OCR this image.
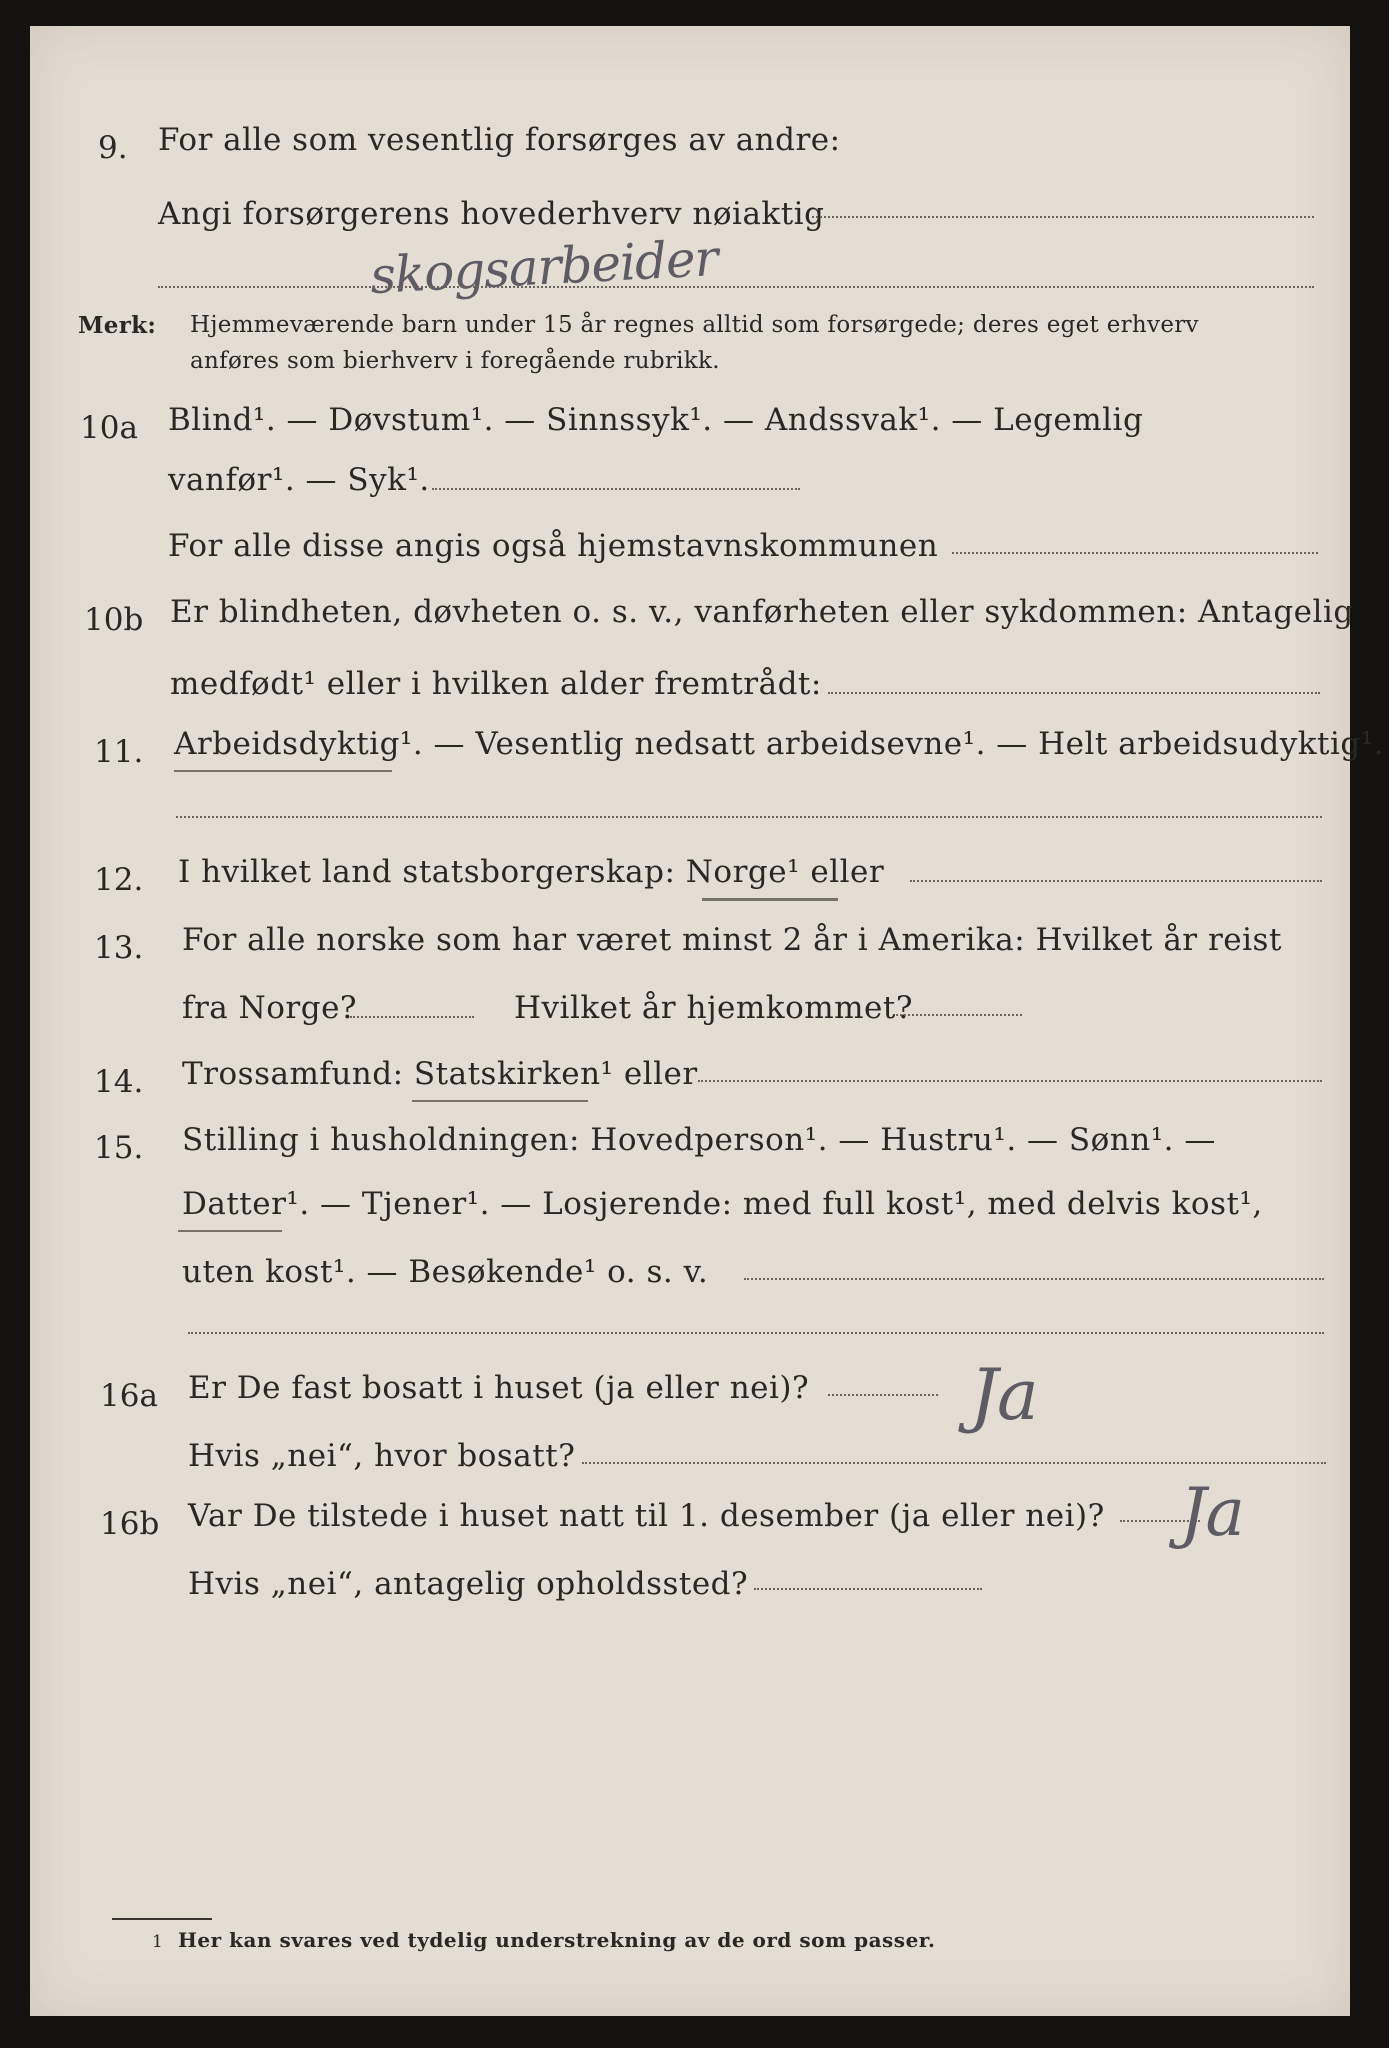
9. For alle som vesentlig forsørges av andre:
Angi forsørgerens hovederhverv nøiaktig
skogsarbeider
Merk: Hjemmeværende barn under 15 år regnes alltid som forsørgede; deres eget erhverv
anføres som bierhverv i foregående rubrikk.
10a Blind¹. — Døvstum¹. — Sinnssyk¹. — Andssvak¹. — Legemlig
vanfør¹. — Syk¹.
For alle disse angis også hjemstavnskommunen
10b Er blindheten, døvheten o. s. v., vanførheten eller sykdommen: Antagelig
medfødt¹ eller i hvilken alder fremtrådt:
11. Arbeidsdyktig¹. — Vesentlig nedsatt arbeidsevne¹. — Helt arbeidsudyktig¹.
12. I hvilket land statsborgerskap: Norge¹ eller
13. For alle norske som har været minst 2 år i Amerika: Hvilket år reist
fra Norge?	Hvilket år hjemkommet?
14. Trossamfund: Statskirken¹ eller
15. Stilling i husholdningen: Hovedperson¹. — Hustru¹. — Sønn¹. —
Datter¹. — Tjener¹. — Losjerende: med full kost¹, med delvis kost¹,
uten kost¹. — Besøkende¹ o. s. v.
16a Er De fast bosatt i huset (ja eller nei)? Ja
Hvis „nei“, hvor bosatt?
16b Var De tilstede i huset natt til 1. desember (ja eller nei)? Ja
Hvis „nei“, antagelig opholdssted?
1 Her kan svares ved tydelig understrekning av de ord som passer.
